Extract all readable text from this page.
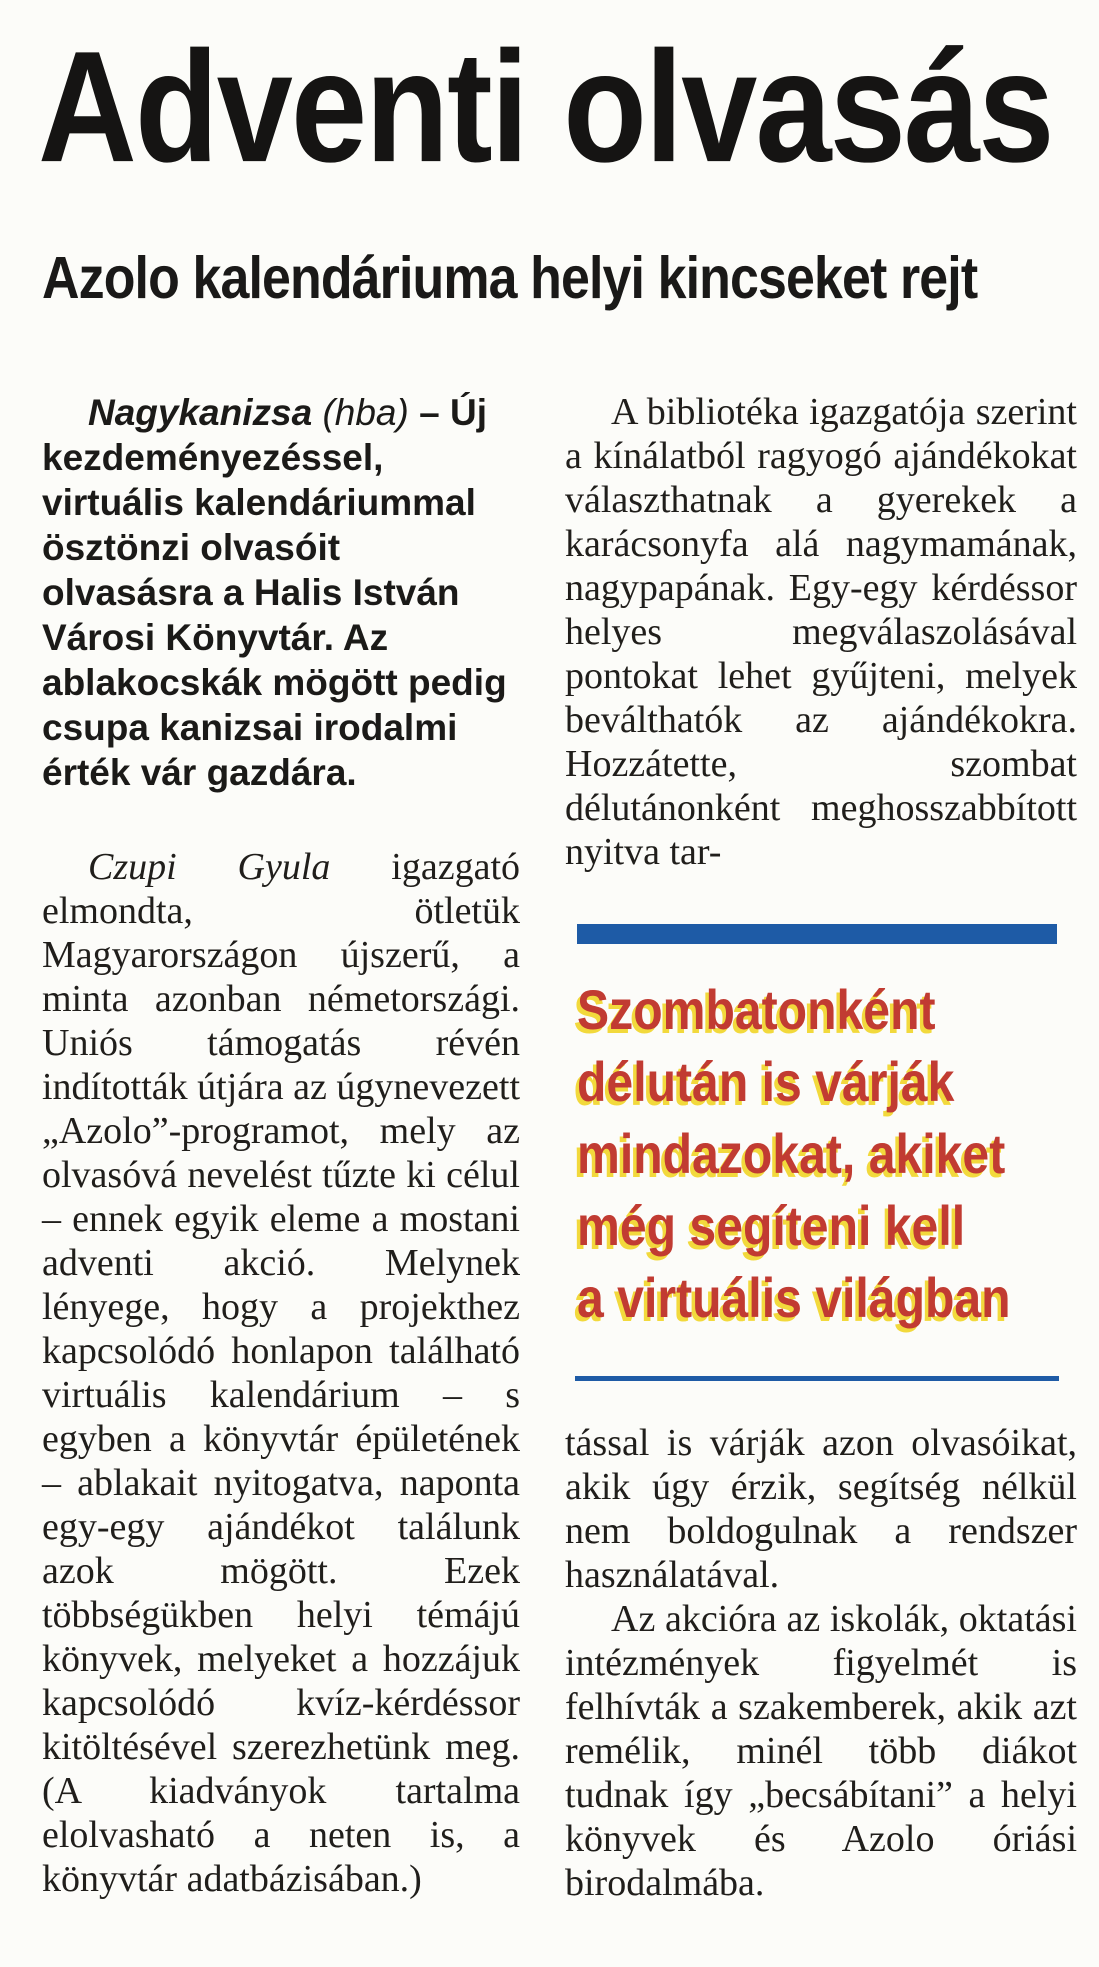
Adventi olvasás
Azolo kalendáriuma helyi kincseket rejt

Nagykanizsa (hba) – Új kezdeményezéssel, virtuális kalendáriummal ösztönzi olvasóit olvasásra a Halis István Városi Könyvtár. Az ablakocskák mögött pedig csupa kanizsai irodalmi érték vár gazdára.

Czupi Gyula igazgató elmondta, ötletük Magyarországon újszerű, a minta azonban németországi. Uniós támogatás révén indították útjára az úgynevezett „Azolo”-programot, mely az olvasóvá nevelést tűzte ki célul – ennek egyik eleme a mostani adventi akció. Melynek lényege, hogy a projekthez kapcsolódó honlapon található virtuális kalendárium – s egyben a könyvtár épületének – ablakait nyitogatva, naponta egy-egy ajándékot találunk azok mögött. Ezek többségükben helyi témájú könyvek, melyeket a hozzájuk kapcsolódó kvíz-kérdéssor kitöltésével szerezhetünk meg. (A kiadványok tartalma elolvasható a neten is, a könyvtár adatbázisában.)

A bibliotéka igazgatója szerint a kínálatból ragyogó ajándékokat választhatnak a gyerekek a karácsonyfa alá nagymamának, nagypapának. Egy-egy kérdéssor helyes megválaszolásával pontokat lehet gyűjteni, melyek beválthatók az ajándékokra. Hozzátette, szombat délutánonként meghosszabbított nyitva tar-

Szombatonként
délután is várják
mindazokat, akiket
még segíteni kell
a virtuális világban

tással is várják azon olvasóikat, akik úgy érzik, segítség nélkül nem boldogulnak a rendszer használatával.

Az akcióra az iskolák, oktatási intézmények figyelmét is felhívták a szakemberek, akik azt remélik, minél több diákot tudnak így „becsábítani” a helyi könyvek és Azolo óriási birodalmába.
